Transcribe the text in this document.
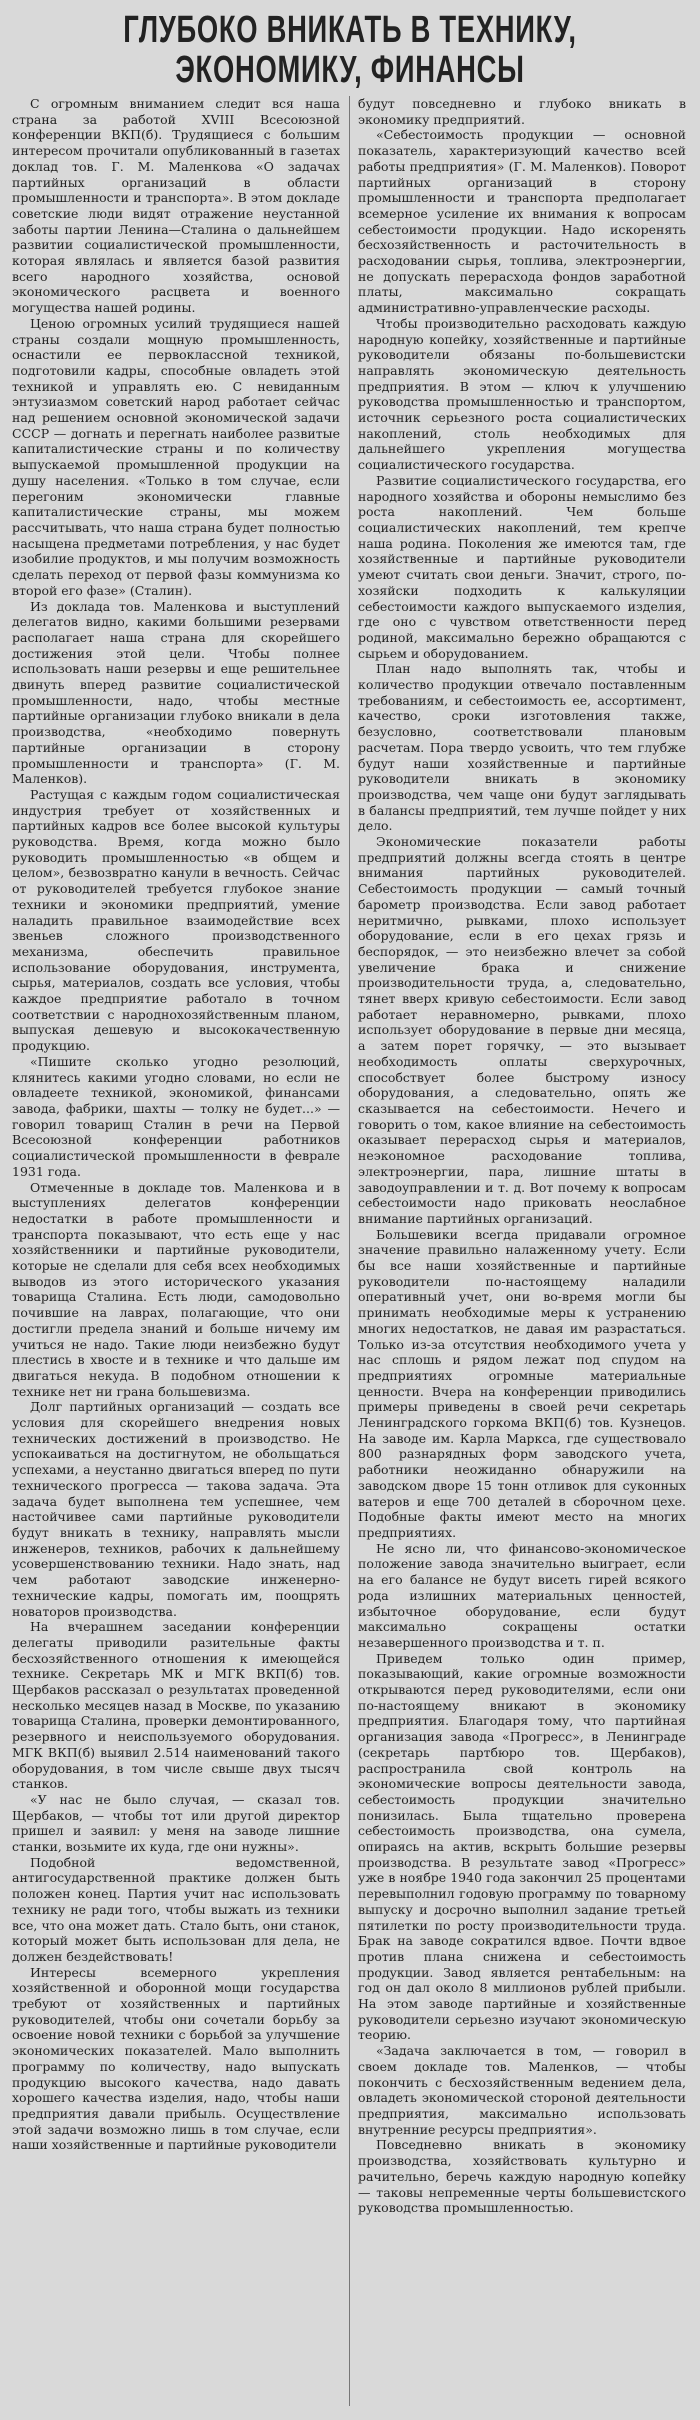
ГЛУБОКО ВНИКАТЬ В ТЕХНИКУ,
ЭКОНОМИКУ, ФИНАНСЫ

С огромным вниманием следит вся наша страна за работой XVIII Всесоюзной конференции ВКП(б). Трудящиеся с большим интересом прочитали опубликованный в газетах доклад тов. Г. М. Маленкова «О задачах партийных организаций в области промышленности и транспорта». В этом докладе советские люди видят отражение неустанной заботы партии Ленина—Сталина о дальнейшем развитии социалистической промышленности, которая являлась и является базой развития всего народного хозяйства, основой экономического расцвета и военного могущества нашей родины.

Ценою огромных усилий трудящиеся нашей страны создали мощную промышленность, оснастили ее первоклассной техникой, подготовили кадры, способные овладеть этой техникой и управлять ею. С невиданным энтузиазмом советский народ работает сейчас над решением основной экономической задачи СССР — догнать и перегнать наиболее развитые капиталистические страны и по количеству выпускаемой промышленной продукции на душу населения. «Только в том случае, если перегоним экономически главные капиталистические страны, мы можем рассчитывать, что наша страна будет полностью насыщена предметами потребления, у нас будет изобилие продуктов, и мы получим возможность сделать переход от первой фазы коммунизма ко второй его фазе» (Сталин).

Из доклада тов. Маленкова и выступлений делегатов видно, какими большими резервами располагает наша страна для скорейшего достижения этой цели. Чтобы полнее использовать наши резервы и еще решительнее двинуть вперед развитие социалистической промышленности, надо, чтобы местные партийные организации глубоко вникали в дела производства, «необходимо повернуть партийные организации в сторону промышленности и транспорта» (Г. М. Маленков).

Растущая с каждым годом социалистическая индустрия требует от хозяйственных и партийных кадров все более высокой культуры руководства. Время, когда можно было руководить промышленностью «в общем и целом», безвозвратно канули в вечность. Сейчас от руководителей требуется глубокое знание техники и экономики предприятий, умение наладить правильное взаимодействие всех звеньев сложного производственного механизма, обеспечить правильное использование оборудования, инструмента, сырья, материалов, создать все условия, чтобы каждое предприятие работало в точном соответствии с народнохозяйственным планом, выпуская дешевую и высококачественную продукцию.

«Пишите сколько угодно резолюций, клянитесь какими угодно словами, но если не овладеете техникой, экономикой, финансами завода, фабрики, шахты — толку не будет...» — говорил товарищ Сталин в речи на Первой Всесоюзной конференции работников социалистической промышленности в феврале 1931 года.

Отмеченные в докладе тов. Маленкова и в выступлениях делегатов конференции недостатки в работе промышленности и транспорта показывают, что есть еще у нас хозяйственники и партийные руководители, которые не сделали для себя всех необходимых выводов из этого исторического указания товарища Сталина. Есть люди, самодовольно почившие на лаврах, полагающие, что они достигли предела знаний и больше ничему им учиться не надо. Такие люди неизбежно будут плестись в хвосте и в технике и что дальше им двигаться некуда. В подобном отношении к технике нет ни грана большевизма.

Долг партийных организаций — создать все условия для скорейшего внедрения новых технических достижений в производство. Не успокаиваться на достигнутом, не обольщаться успехами, а неустанно двигаться вперед по пути технического прогресса — такова задача. Эта задача будет выполнена тем успешнее, чем настойчивее сами партийные руководители будут вникать в технику, направлять мысли инженеров, техников, рабочих к дальнейшему усовершенствованию техники. Надо знать, над чем работают заводские инженерно-технические кадры, помогать им, поощрять новаторов производства.

На вчерашнем заседании конференции делегаты приводили разительные факты бесхозяйственного отношения к имеющейся технике. Секретарь МК и МГК ВКП(б) тов. Щербаков рассказал о результатах проведенной несколько месяцев назад в Москве, по указанию товарища Сталина, проверки демонтированного, резервного и неиспользуемого оборудования. МГК ВКП(б) выявил 2.514 наименований такого оборудования, в том числе свыше двух тысяч станков.

«У нас не было случая, — сказал тов. Щербаков, — чтобы тот или другой директор пришел и заявил: у меня на заводе лишние станки, возьмите их куда, где они нужны».

Подобной ведомственной, антигосударственной практике должен быть положен конец. Партия учит нас использовать технику не ради того, чтобы выжать из техники все, что она может дать. Стало быть, они станок, который может быть использован для дела, не должен бездействовать!

Интересы всемерного укрепления хозяйственной и оборонной мощи государства требуют от хозяйственных и партийных руководителей, чтобы они сочетали борьбу за освоение новой техники с борьбой за улучшение экономических показателей. Мало выполнить программу по количеству, надо выпускать продукцию высокого качества, надо давать хорошего качества изделия, надо, чтобы наши предприятия давали прибыль. Осуществление этой задачи возможно лишь в том случае, если наши хозяйственные и партийные руководители

будут повседневно и глубоко вникать в экономику предприятий.

«Себестоимость продукции — основной показатель, характеризующий качество всей работы предприятия» (Г. М. Маленков). Поворот партийных организаций в сторону промышленности и транспорта предполагает всемерное усиление их внимания к вопросам себестоимости продукции. Надо искоренять бесхозяйственность и расточительность в расходовании сырья, топлива, электроэнергии, не допускать перерасхода фондов заработной платы, максимально сокращать административно-управленческие расходы.

Чтобы производительно расходовать каждую народную копейку, хозяйственные и партийные руководители обязаны по-большевистски направлять экономическую деятельность предприятия. В этом — ключ к улучшению руководства промышленностью и транспортом, источник серьезного роста социалистических накоплений, столь необходимых для дальнейшего укрепления могущества социалистического государства.

Развитие социалистического государства, его народного хозяйства и обороны немыслимо без роста накоплений. Чем больше социалистических накоплений, тем крепче наша родина. Поколения же имеются там, где хозяйственные и партийные руководители умеют считать свои деньги. Значит, строго, по-хозяйски подходить к калькуляции себестоимости каждого выпускаемого изделия, где оно с чувством ответственности перед родиной, максимально бережно обращаются с сырьем и оборудованием.

План надо выполнять так, чтобы и количество продукции отвечало поставленным требованиям, и себестоимость ее, ассортимент, качество, сроки изготовления также, безусловно, соответствовали плановым расчетам. Пора твердо усвоить, что тем глубже будут наши хозяйственные и партийные руководители вникать в экономику производства, чем чаще они будут заглядывать в балансы предприятий, тем лучше пойдет у них дело.

Экономические показатели работы предприятий должны всегда стоять в центре внимания партийных руководителей. Себестоимость продукции — самый точный барометр производства. Если завод работает неритмично, рывками, плохо использует оборудование, если в его цехах грязь и беспорядок, — это неизбежно влечет за собой увеличение брака и снижение производительности труда, а, следовательно, тянет вверх кривую себестоимости. Если завод работает неравномерно, рывками, плохо использует оборудование в первые дни месяца, а затем порет горячку, — это вызывает необходимость оплаты сверхурочных, способствует более быстрому износу оборудования, а следовательно, опять же сказывается на себестоимости. Нечего и говорить о том, какое влияние на себестоимость оказывает перерасход сырья и материалов, неэкономное расходование топлива, электроэнергии, пара, лишние штаты в заводоуправлении и т. д. Вот почему к вопросам себестоимости надо приковать неослабное внимание партийных организаций.

Большевики всегда придавали огромное значение правильно налаженному учету. Если бы все наши хозяйственные и партийные руководители по-настоящему наладили оперативный учет, они во-время могли бы принимать необходимые меры к устранению многих недостатков, не давая им разрастаться. Только из-за отсутствия необходимого учета у нас сплошь и рядом лежат под спудом на предприятиях огромные материальные ценности. Вчера на конференции приводились примеры приведены в своей речи секретарь Ленинградского горкома ВКП(б) тов. Кузнецов. На заводе им. Карла Маркса, где существовало 800 разнарядных форм заводского учета, работники неожиданно обнаружили на заводском дворе 15 тонн отливок для суконных ватеров и еще 700 деталей в сборочном цехе. Подобные факты имеют место на многих предприятиях.

Не ясно ли, что финансово-экономическое положение завода значительно выиграет, если на его балансе не будут висеть гирей всякого рода излишних материальных ценностей, избыточное оборудование, если будут максимально сокращены остатки незавершенного производства и т. п.

Приведем только один пример, показывающий, какие огромные возможности открываются перед руководителями, если они по-настоящему вникают в экономику предприятия. Благодаря тому, что партийная организация завода «Прогресс», в Ленинграде (секретарь партбюро тов. Щербаков), распространила свой контроль на экономические вопросы деятельности завода, себестоимость продукции значительно понизилась. Была тщательно проверена себестоимость производства, она сумела, опираясь на актив, вскрыть большие резервы производства. В результате завод «Прогресс» уже в ноябре 1940 года закончил 25 процентами перевыполнил годовую программу по товарному выпуску и досрочно выполнил задание третьей пятилетки по росту производительности труда. Брак на заводе сократился вдвое. Почти вдвое против плана снижена и себестоимость продукции. Завод является рентабельным: на год он дал около 8 миллионов рублей прибыли. На этом заводе партийные и хозяйственные руководители серьезно изучают экономическую теорию.

«Задача заключается в том, — говорил в своем докладе тов. Маленков, — чтобы покончить с бесхозяйственным ведением дела, овладеть экономической стороной деятельности предприятия, максимально использовать внутренние ресурсы предприятия».

Повседневно вникать в экономику производства, хозяйствовать культурно и рачительно, беречь каждую народную копейку — таковы непременные черты большевистского руководства промышленностью.
